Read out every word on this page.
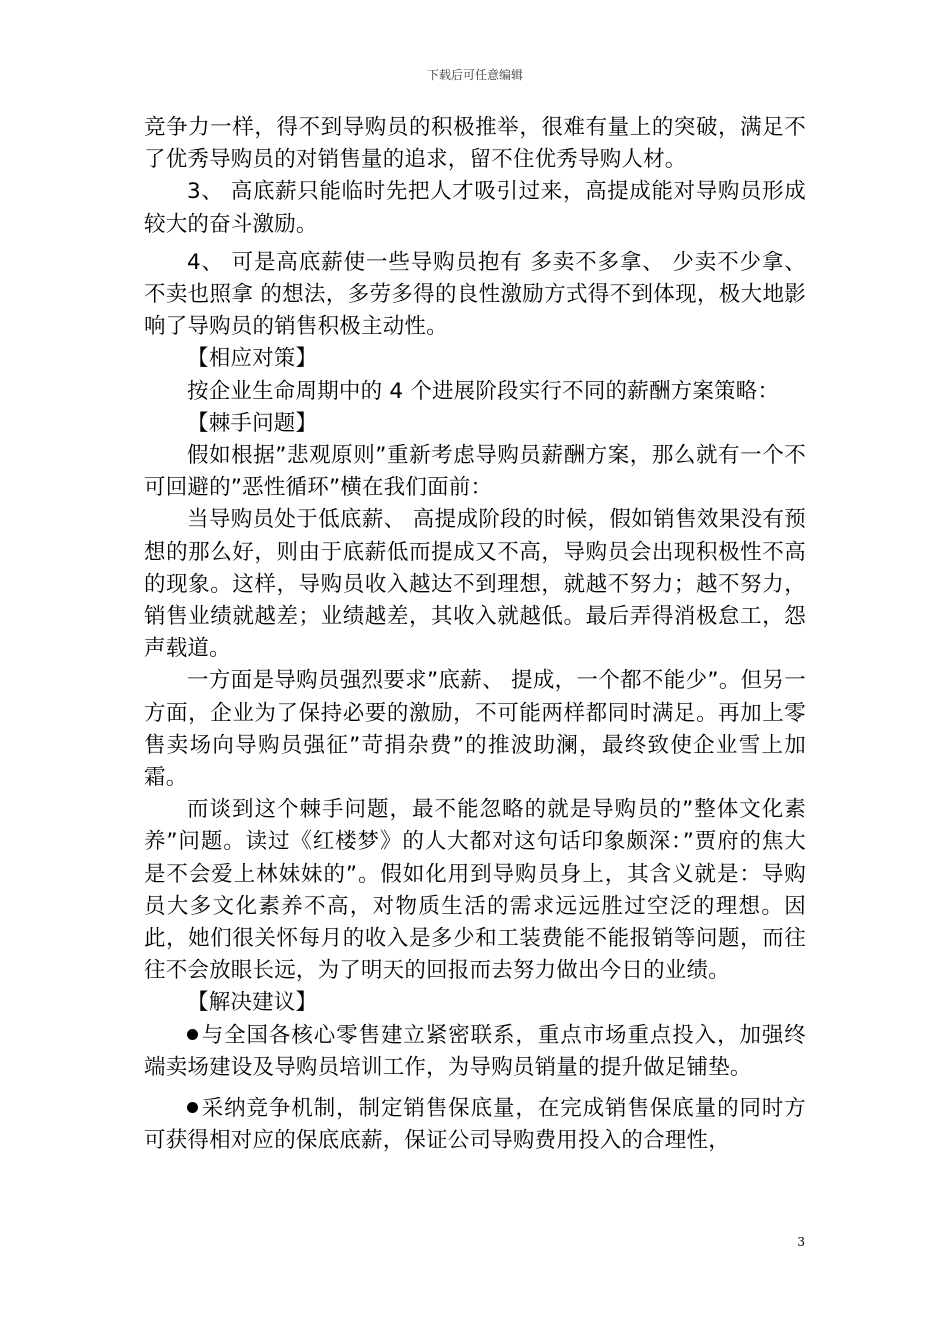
下载后可任意编辑

竞争力一样，得不到导购员的积极推举，很难有量上的突破，满足不了优秀导购员的对销售量的追求，留不住优秀导购人材。

3、 高底薪只能临时先把人才吸引过来，高提成能对导购员形成较大的奋斗激励。

4、 可是高底薪使一些导购员抱有 多卖不多拿、 少卖不少拿、 不卖也照拿 的想法，多劳多得的良性激励方式得不到体现，极大地影响了导购员的销售积极主动性。

【相应对策】

按企业生命周期中的 4 个进展阶段实行不同的薪酬方案策略：

【棘手问题】

假如根据”悲观原则”重新考虑导购员薪酬方案，那么就有一个不可回避的”恶性循环”横在我们面前：

当导购员处于低底薪、 高提成阶段的时候，假如销售效果没有预想的那么好，则由于底薪低而提成又不高，导购员会出现积极性不高的现象。这样，导购员收入越达不到理想，就越不努力；越不努力，销售业绩就越差；业绩越差，其收入就越低。最后弄得消极怠工，怨声载道。

一方面是导购员强烈要求”底薪、 提成，一个都不能少”。但另一方面，企业为了保持必要的激励，不可能两样都同时满足。再加上零售卖场向导购员强征”苛捐杂费”的推波助澜，最终致使企业雪上加霜。

而谈到这个棘手问题，最不能忽略的就是导购员的”整体文化素养”问题。读过《红楼梦》的人大都对这句话印象颇深：”贾府的焦大是不会爱上林妹妹的”。假如化用到导购员身上，其含义就是：导购员大多文化素养不高，对物质生活的需求远远胜过空泛的理想。因此，她们很关怀每月的收入是多少和工装费能不能报销等问题，而往往不会放眼长远，为了明天的回报而去努力做出今日的业绩。

【解决建议】

与全国各核心零售建立紧密联系，重点市场重点投入，加强终端卖场建设及导购员培训工作，为导购员销量的提升做足铺垫。

采纳竞争机制，制定销售保底量，在完成销售保底量的同时方可获得相对应的保底底薪，保证公司导购费用投入的合理性，

3
